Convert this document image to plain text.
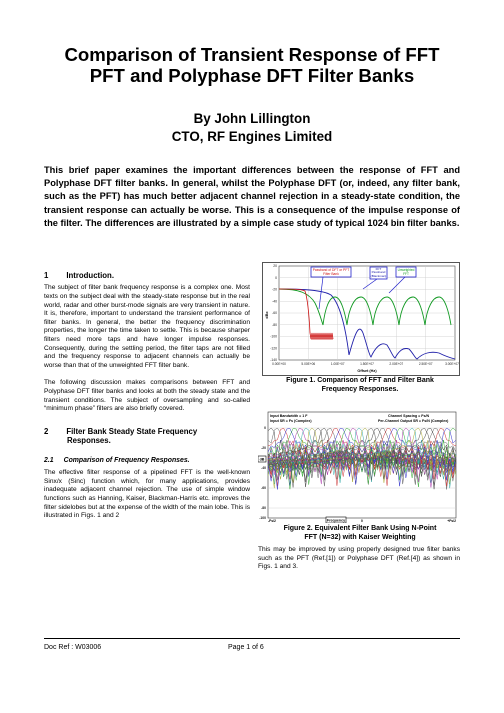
Comparison of Transient Response of FFT
PFT and Polyphase DFT Filter Banks
By John Lillington
CTO, RF Engines Limited
This brief paper examines the important differences between the response of FFT and Polyphase DFT filter banks. In general, whilst the Polyphase DFT (or, indeed, any filter bank, such as the PFT) has much better adjacent channel rejection in a steady-state condition, the transient response can actually be worse. This is a consequence of the impulse response of the filter. The differences are illustrated by a simple case study of typical 1024 bin filter banks.
1 Introduction.

The subject of filter bank frequency response is a complex one. Most texts on the subject deal with the steady-state response but in the real world, radar and other burst-mode signals are very transient in nature. It is, therefore, important to understand the transient performance of filter banks. In general, the better the frequency discrimination properties, the longer the time taken to settle. This is because sharper filters need more taps and have longer impulse responses. Consequently, during the settling period, the filter taps are not filled and the frequency response to adjacent channels can actually be worse than that of the unweighted FFT filter bank.

The following discussion makes comparisons between FFT and Polyphase DFT filter banks and looks at both the steady state and the transient conditions. The subject of oversampling and so-called “minimum phase” filters are also briefly covered.

2 Filter Bank Steady State Frequency
Responses.
2.1 Comparison of Frequency Responses.

The effective filter response of a pipelined FFT is the well-known Sinx/x (Sinc) function which, for many applications, provides inadequate adjacent channel rejection. The use of simple window functions such as Hanning, Kaiser, Blackman-Harris etc. improves the filter sidelobes but at the expense of the width of the main lobe. This is illustrated in Figs. 1 and 2

20
0
-20
-40
-60
-80
-100
-120
-140
0.00E+00	5.00E+06	1.00E+07	1.50E+07	2.00E+07	2.50E+07	3.00E+07
Offset (Hz)
dBc
Passband of DFT or PFT Filter Bank
FFT Passband (Blackman)
Unweighted FFT
Figure 1. Comparison of FFT and Filter Bank
Frequency Responses.
0
-20
-40
-60
-80
-100
dB
Input Bandwidth = 1 F
Input SR = Fs (Complex)
Channel Spacing = Fs/N
Per-Channel Output SR = Fs/N (Complex)
-Fs/2	0	+Fs/2
Frequency
Figure 2. Equivalent Filter Bank Using N-Point
FFT (N=32) with Kaiser Weighting
This may be improved by using properly designed true filter banks such as the PFT (Ref.[1]) or Polyphase DFT (Ref.[4]) as shown in Figs. 1 and 3.
Doc Ref : W03006	Page 1 of 6
